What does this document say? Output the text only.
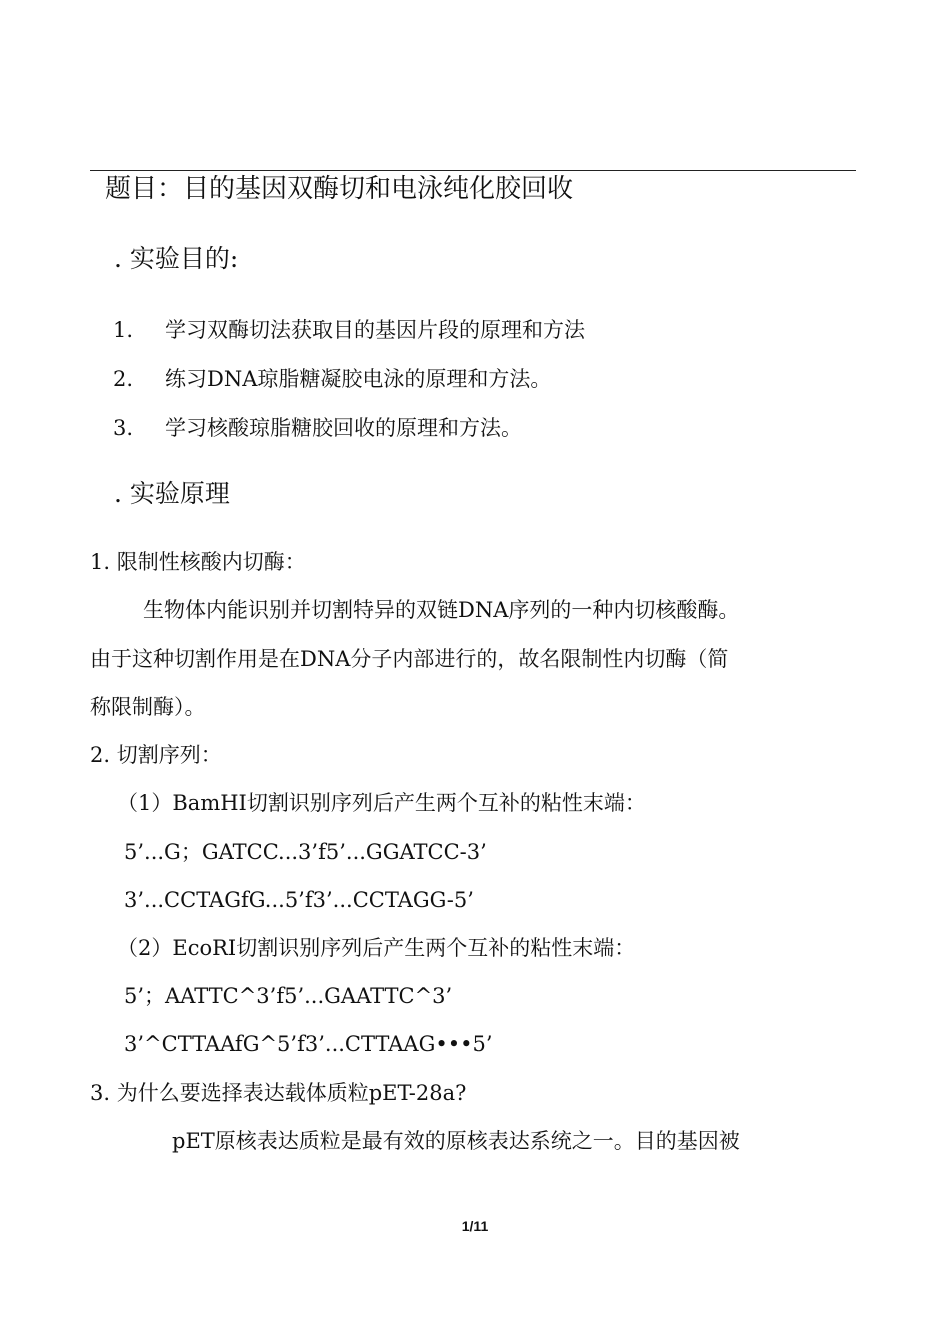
题目：目的基因双酶切和电泳纯化胶回收
. 实验目的:
1. 学习双酶切法获取目的基因片段的原理和方法
2. 练习DNA琼脂糖凝胶电泳的原理和方法。
3. 学习核酸琼脂糖胶回收的原理和方法。
. 实验原理
1. 限制性核酸内切酶：
生物体内能识别并切割特异的双链DNA序列的一种内切核酸酶。
由于这种切割作用是在DNA分子内部进行的，故名限制性内切酶（简
称限制酶）。
2. 切割序列：
（1）BamHI切割识别序列后产生两个互补的粘性末端：
5’...G；GATCC...3’f5’...GGATCC-3’
3’...CCTAGfG...5’f3’...CCTAGG-5’
（2）EcoRI切割识别序列后产生两个互补的粘性末端：
5’；AATTC^3’f5’...GAATTC^3’
3’^CTTAAfG^5’f3’...CTTAAG•••5’
3. 为什么要选择表达载体质粒pET-28a?
pET原核表达质粒是最有效的原核表达系统之一。目的基因被
1/11
